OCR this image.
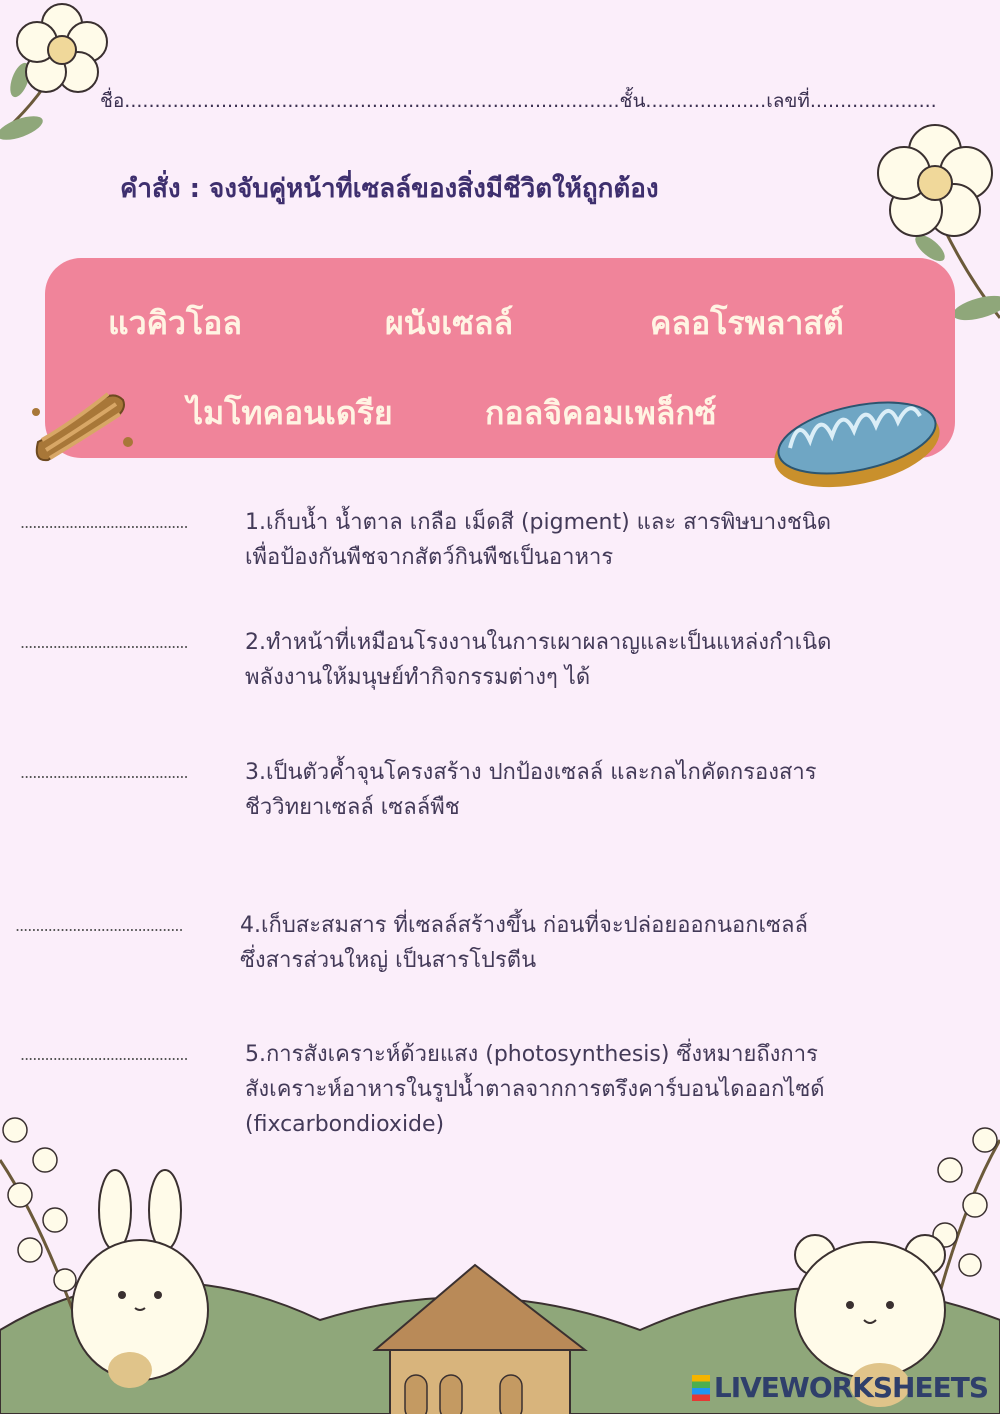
ชื่อ..................................................................................ชั้น....................เลขที่.....................
คำสั่ง : จงจับคู่หน้าที่เซลล์ของสิ่งมีชีวิตให้ถูกต้อง
แวคิวโอล	ผนังเซลล์	คลอโรพลาสต์
ไมโทคอนเดรีย	กอลจิคอมเพล็กซ์
.........................................	1.เก็บน้ำ น้ำตาล เกลือ เม็ดสี (pigment) และ สารพิษบางชนิด
เพื่อป้องกันพืชจากสัตว์กินพืชเป็นอาหาร
.........................................	2.ทำหน้าที่เหมือนโรงงานในการเผาผลาญและเป็นแหล่งกำเนิด
พลังงานให้มนุษย์ทำกิจกรรมต่างๆ ได้
.........................................	3.เป็นตัวค้ำจุนโครงสร้าง ปกป้องเซลล์ และกลไกคัดกรองสาร
ชีววิทยาเซลล์ เซลล์พืช
.........................................	4.เก็บสะสมสาร ที่เซลล์สร้างขึ้น ก่อนที่จะปล่อยออกนอกเซลล์
ซึ่งสารส่วนใหญ่ เป็นสารโปรตีน
.........................................	5.การสังเคราะห์ด้วยแสง (photosynthesis) ซึ่งหมายถึงการ
สังเคราะห์อาหารในรูปน้ำตาลจากการตรึงคาร์บอนไดออกไซด์
(fixcarbondioxide)
LIVEWORKSHEETS
